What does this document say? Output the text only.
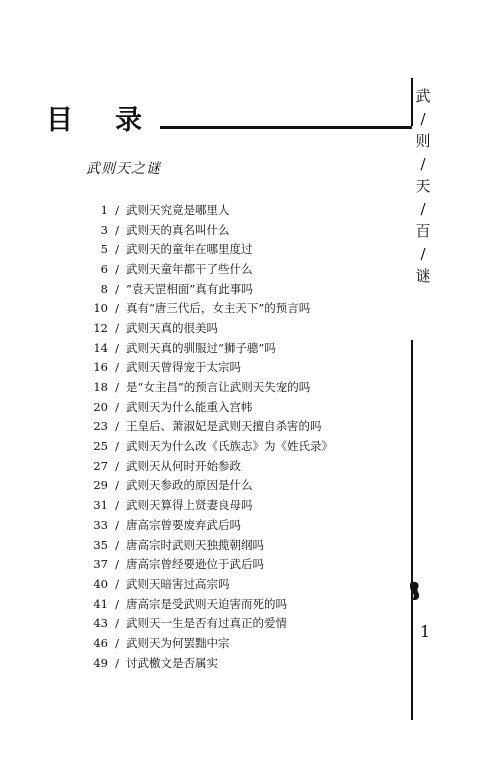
目 录
武
/
则
/
天
/
百
/
谜
武则天之谜
1 / 武则天究竟是哪里人
3 / 武则天的真名叫什么
5 / 武则天的童年在哪里度过
6 / 武则天童年都干了些什么
8 / “袁天罡相面”真有此事吗
10 / 真有“唐三代后，女主天下”的预言吗
12 / 武则天真的很美吗
14 / 武则天真的驯服过“狮子骢”吗
16 / 武则天曾得宠于太宗吗
18 / 是“女主昌”的预言让武则天失宠的吗
20 / 武则天为什么能重入宫帏
23 / 王皇后、萧淑妃是武则天擅自杀害的吗
25 / 武则天为什么改《氏族志》为《姓氏录》
27 / 武则天从何时开始参政
29 / 武则天参政的原因是什么
31 / 武则天算得上贤妻良母吗
33 / 唐高宗曾要废弃武后吗
35 / 唐高宗时武则天独揽朝纲吗
37 / 唐高宗曾经要逊位于武后吗
40 / 武则天暗害过高宗吗
41 / 唐高宗是受武则天迫害而死的吗
43 / 武则天一生是否有过真正的爱情
46 / 武则天为何罢黜中宗
49 / 讨武檄文是否属实
1
